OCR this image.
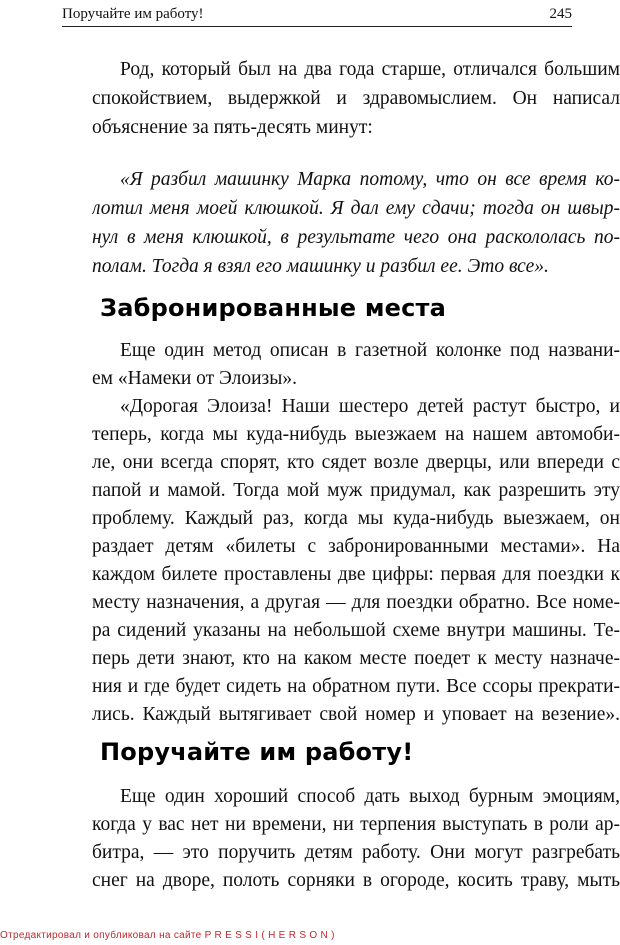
Поручайте им работу!	245
Род, который был на два года старше, отличался большим
спокойствием, выдержкой и здравомыслием. Он написал
объяснение за пять-десять минут:
«Я разбил машинку Марка потому, что он все время ко-
лотил меня моей клюшкой. Я дал ему сдачи; тогда он швыр-
нул в меня клюшкой, в результате чего она раскололась по-
полам. Тогда я взял его машинку и разбил ее. Это все».
Забронированные места
Еще один метод описан в газетной колонке под названи-
ем «Намеки от Элоизы».
«Дорогая Элоиза! Наши шестеро детей растут быстро, и
теперь, когда мы куда-нибудь выезжаем на нашем автомоби-
ле, они всегда спорят, кто сядет возле дверцы, или впереди с
папой и мамой. Тогда мой муж придумал, как разрешить эту
проблему. Каждый раз, когда мы куда-нибудь выезжаем, он
раздает детям «билеты с забронированными местами». На
каждом билете проставлены две цифры: первая для поездки к
месту назначения, а другая — для поездки обратно. Все номе-
ра сидений указаны на небольшой схеме внутри машины. Те-
перь дети знают, кто на каком месте поедет к месту назначе-
ния и где будет сидеть на обратном пути. Все ссоры прекрати-
лись. Каждый вытягивает свой номер и уповает на везение».
Поручайте им работу!
Еще один хороший способ дать выход бурным эмоциям,
когда у вас нет ни времени, ни терпения выступать в роли ар-
битра, — это поручить детям работу. Они могут разгребать
снег на дворе, полоть сорняки в огороде, косить траву, мыть
Отредактировал и опубликовал на сайте P R E S S I ( H E R S O N )
